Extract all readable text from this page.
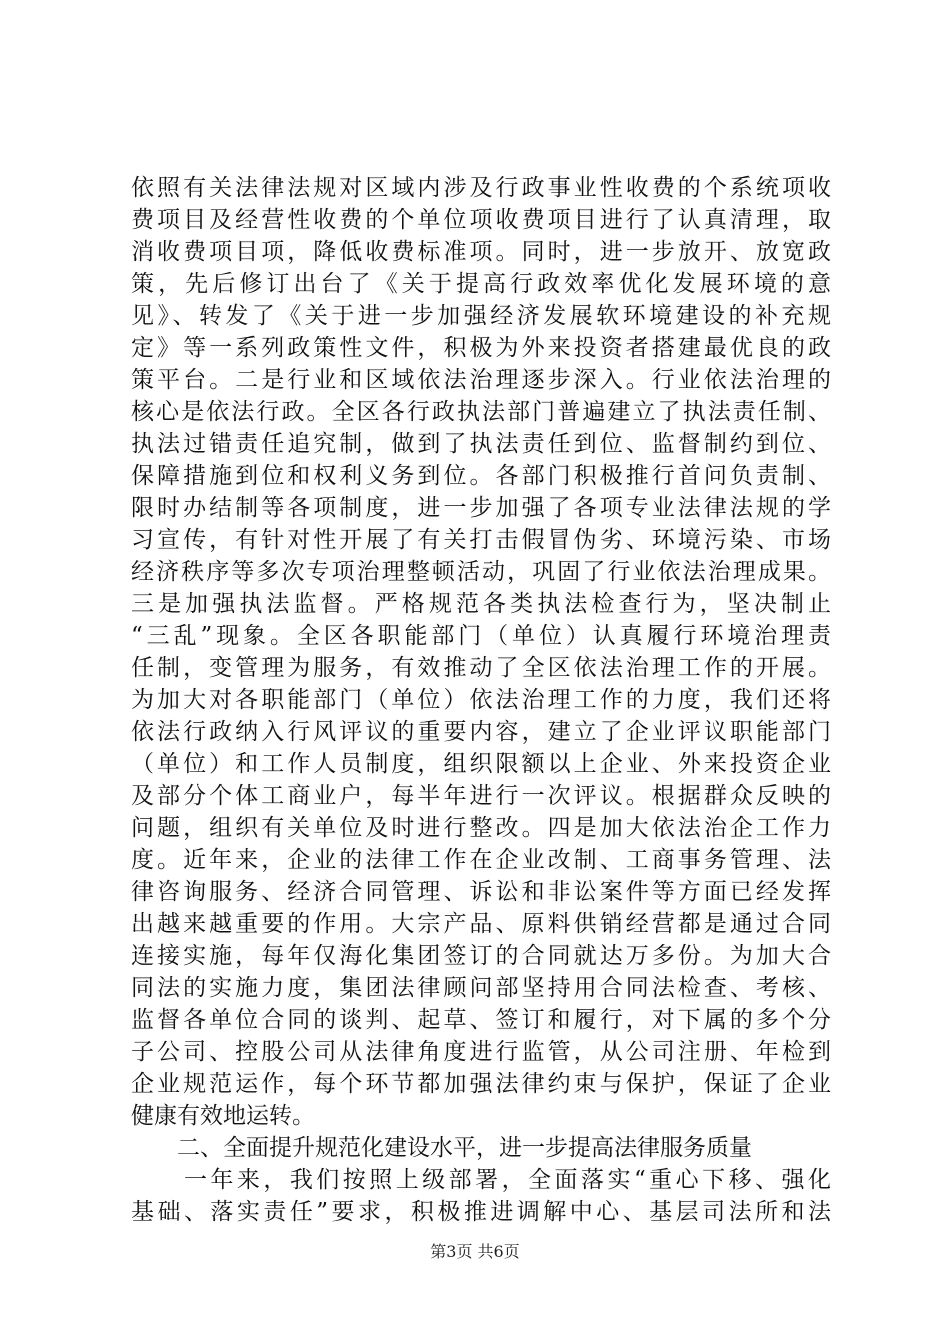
依照有关法律法规对区域内涉及行政事业性收费的个系统项收
费项目及经营性收费的个单位项收费项目进行了认真清理，取
消收费项目项，降低收费标准项。同时，进一步放开、放宽政
策，先后修订出台了《关于提高行政效率优化发展环境的意
见》、转发了《关于进一步加强经济发展软环境建设的补充规
定》等一系列政策性文件，积极为外来投资者搭建最优良的政
策平台。二是行业和区域依法治理逐步深入。行业依法治理的
核心是依法行政。全区各行政执法部门普遍建立了执法责任制、
执法过错责任追究制，做到了执法责任到位、监督制约到位、
保障措施到位和权利义务到位。各部门积极推行首问负责制、
限时办结制等各项制度，进一步加强了各项专业法律法规的学
习宣传，有针对性开展了有关打击假冒伪劣、环境污染、市场
经济秩序等多次专项治理整顿活动，巩固了行业依法治理成果。
三是加强执法监督。严格规范各类执法检查行为，坚决制止
“三乱”现象。全区各职能部门（单位）认真履行环境治理责
任制，变管理为服务，有效推动了全区依法治理工作的开展。
为加大对各职能部门（单位）依法治理工作的力度，我们还将
依法行政纳入行风评议的重要内容，建立了企业评议职能部门
（单位）和工作人员制度，组织限额以上企业、外来投资企业
及部分个体工商业户，每半年进行一次评议。根据群众反映的
问题，组织有关单位及时进行整改。四是加大依法治企工作力
度。近年来，企业的法律工作在企业改制、工商事务管理、法
律咨询服务、经济合同管理、诉讼和非讼案件等方面已经发挥
出越来越重要的作用。大宗产品、原料供销经营都是通过合同
连接实施，每年仅海化集团签订的合同就达万多份。为加大合
同法的实施力度，集团法律顾问部坚持用合同法检查、考核、
监督各单位合同的谈判、起草、签订和履行，对下属的多个分
子公司、控股公司从法律角度进行监管，从公司注册、年检到
企业规范运作，每个环节都加强法律约束与保护，保证了企业
健康有效地运转。
　　二、全面提升规范化建设水平，进一步提高法律服务质量
　　一年来，我们按照上级部署，全面落实“重心下移、强化
基础、落实责任”要求，积极推进调解中心、基层司法所和法
第3页 共6页
